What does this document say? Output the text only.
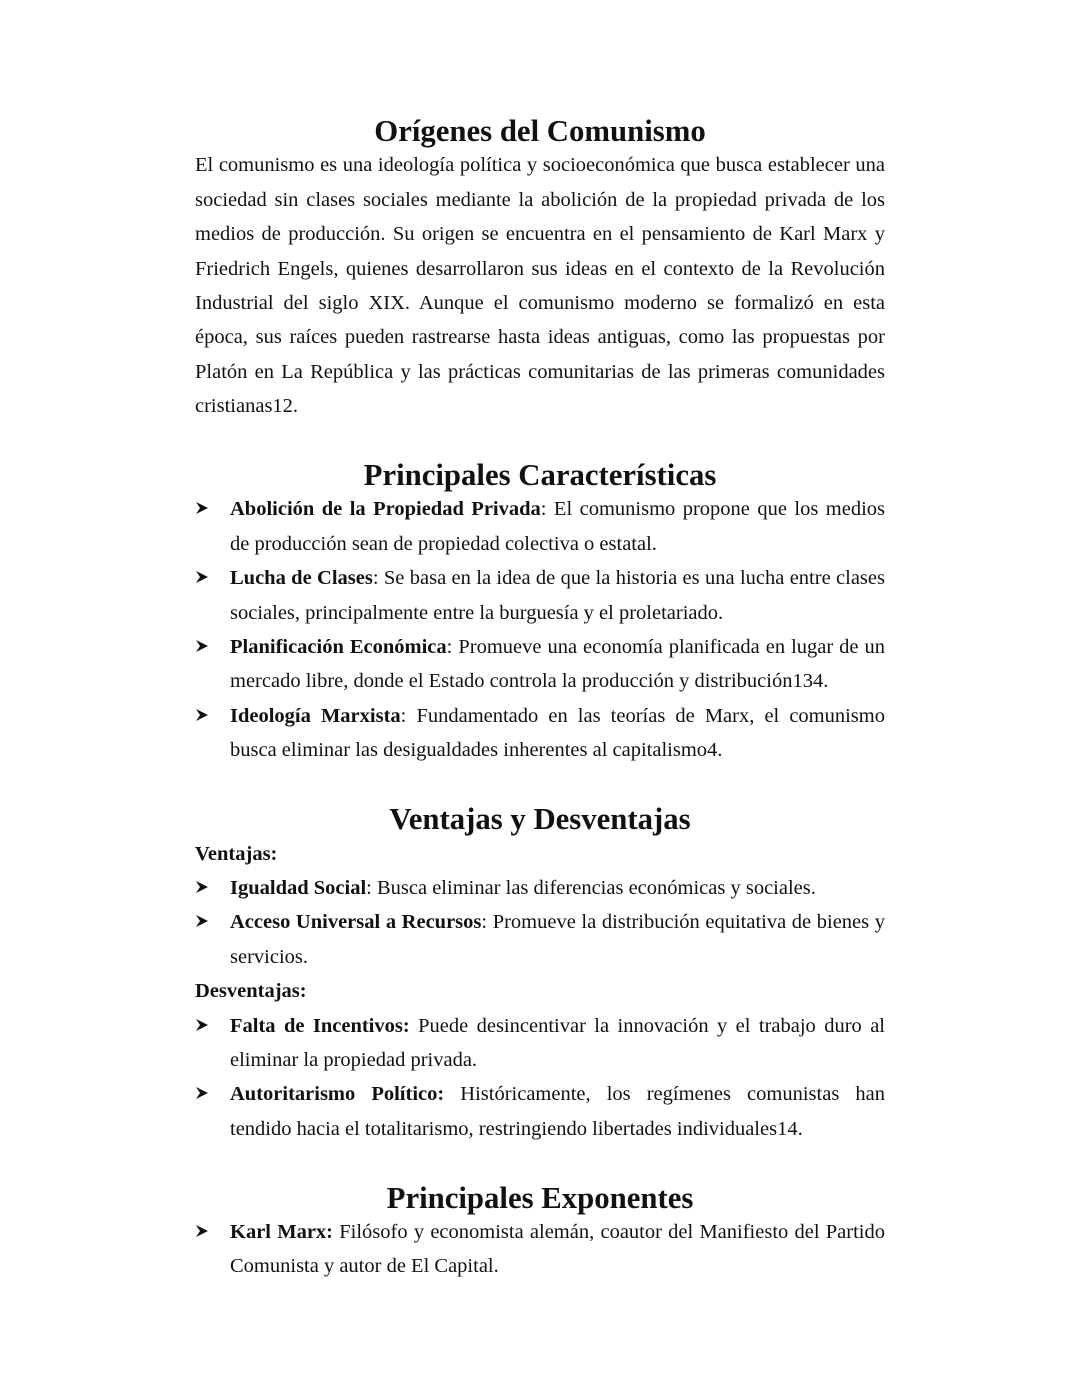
Orígenes del Comunismo

El comunismo es una ideología política y socioeconómica que busca establecer una sociedad sin clases sociales mediante la abolición de la propiedad privada de los medios de producción. Su origen se encuentra en el pensamiento de Karl Marx y Friedrich Engels, quienes desarrollaron sus ideas en el contexto de la Revolución Industrial del siglo XIX. Aunque el comunismo moderno se formalizó en esta época, sus raíces pueden rastrearse hasta ideas antiguas, como las propuestas por Platón en La República y las prácticas comunitarias de las primeras comunidades cristianas12.

Principales Características
Abolición de la Propiedad Privada: El comunismo propone que los medios de producción sean de propiedad colectiva o estatal.
Lucha de Clases: Se basa en la idea de que la historia es una lucha entre clases sociales, principalmente entre la burguesía y el proletariado.
Planificación Económica: Promueve una economía planificada en lugar de un mercado libre, donde el Estado controla la producción y distribución134.
Ideología Marxista: Fundamentado en las teorías de Marx, el comunismo busca eliminar las desigualdades inherentes al capitalismo4.
Ventajas y Desventajas

Ventajas:

Igualdad Social: Busca eliminar las diferencias económicas y sociales.
Acceso Universal a Recursos: Promueve la distribución equitativa de bienes y servicios.

Desventajas:

Falta de Incentivos: Puede desincentivar la innovación y el trabajo duro al eliminar la propiedad privada.
Autoritarismo Político: Históricamente, los regímenes comunistas han tendido hacia el totalitarismo, restringiendo libertades individuales14.
Principales Exponentes
Karl Marx: Filósofo y economista alemán, coautor del Manifiesto del Partido Comunista y autor de El Capital.
